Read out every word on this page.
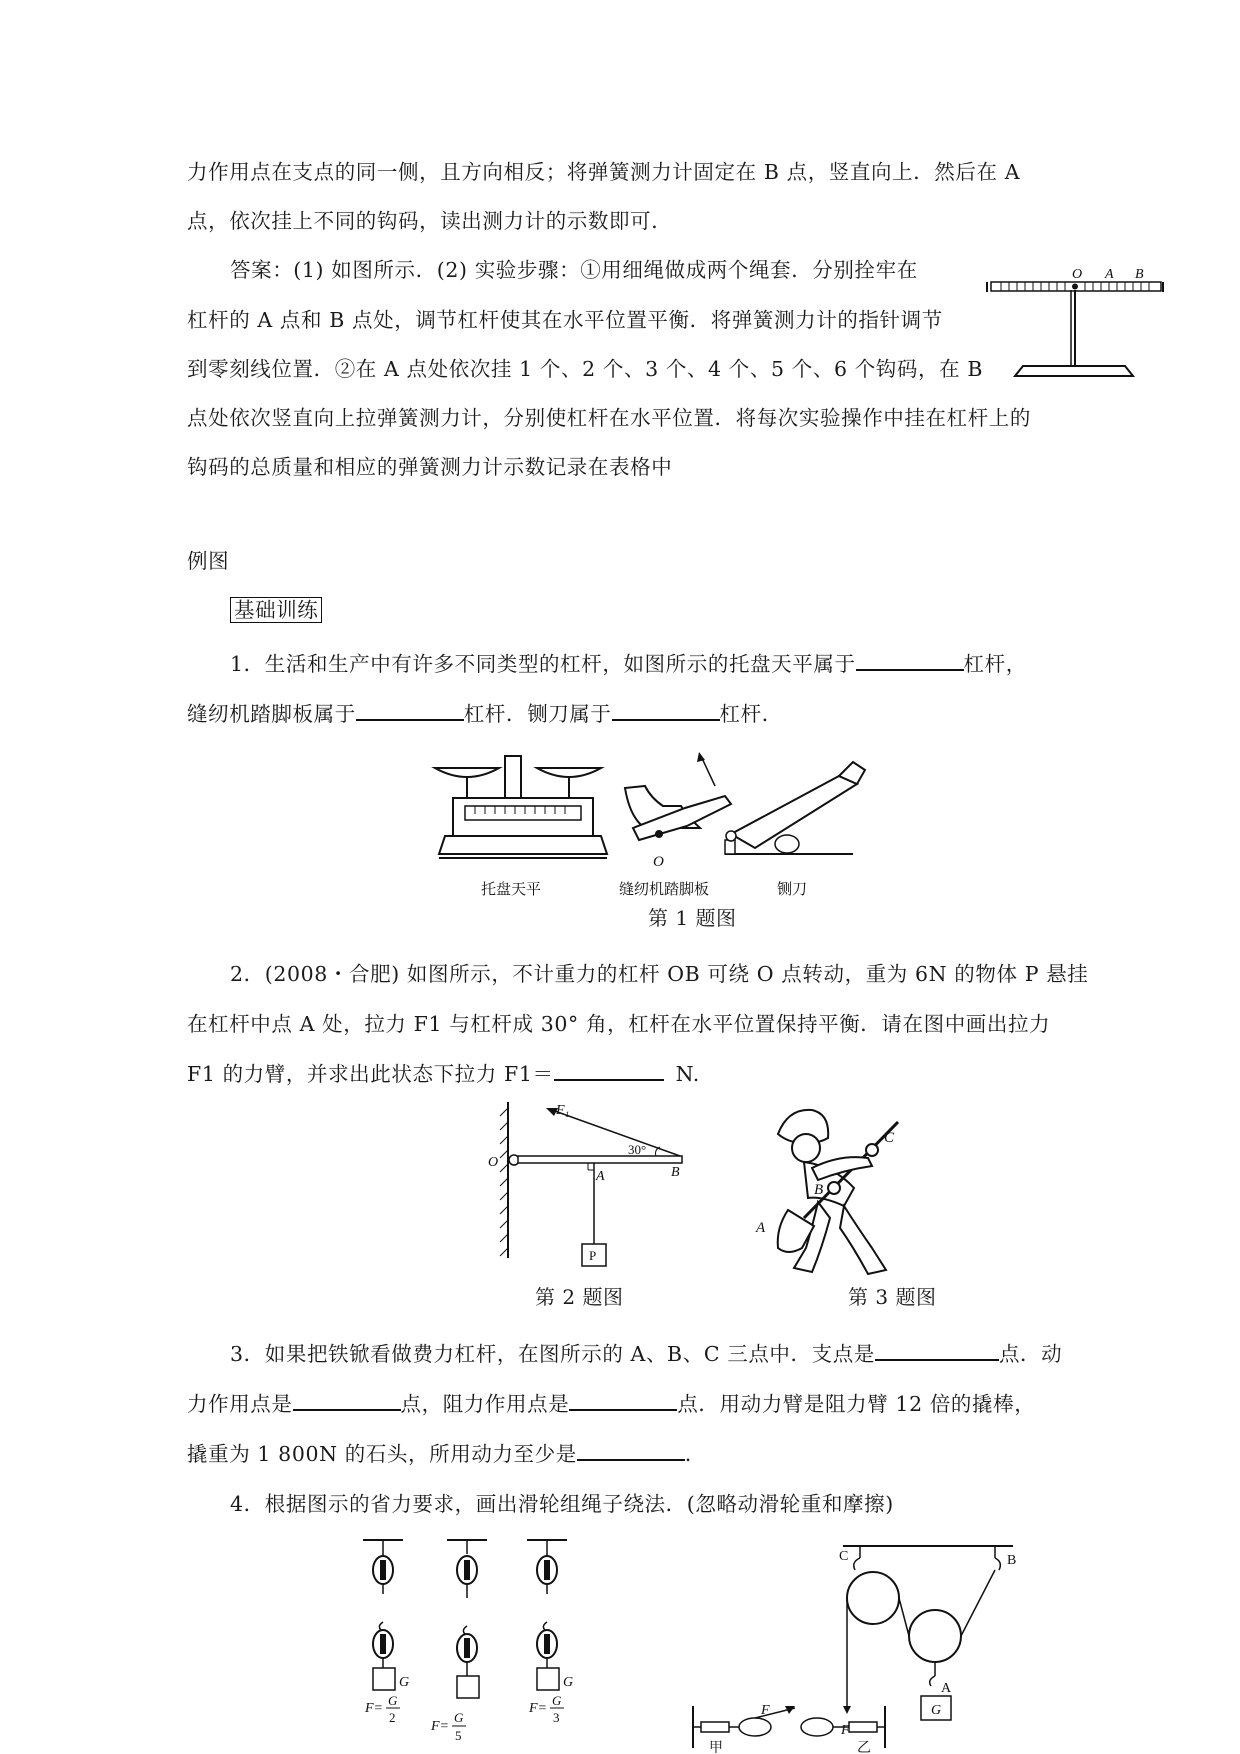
力作用点在支点的同一侧，且方向相反；将弹簧测力计固定在 B 点，竖直向上．然后在 A
点，依次挂上不同的钩码，读出测力计的示数即可．
答案：(1) 如图所示．(2) 实验步骤：①用细绳做成两个绳套．分别拴牢在
杠杆的 A 点和 B 点处，调节杠杆使其在水平位置平衡．将弹簧测力计的指针调节
到零刻线位置．②在 A 点处依次挂 1 个、2 个、3 个、4 个、5 个、6 个钩码，在 B
点处依次竖直向上拉弹簧测力计，分别使杠杆在水平位置．将每次实验操作中挂在杠杆上的
钩码的总质量和相应的弹簧测力计示数记录在表格中
O A B
例图
基础训练
1．生活和生产中有许多不同类型的杠杆，如图所示的托盘天平属于	杠杆，
缝纫机踏脚板属于	杠杆．铡刀属于	杠杆．
O
托盘天平	缝纫机踏脚板	铡刀
第 1 题图
2．(2008・合肥) 如图所示，不计重力的杠杆 OB 可绕 O 点转动，重为 6N 的物体 P 悬挂
在杠杆中点 A 处，拉力 F1 与杠杆成 30° 角，杠杆在水平位置保持平衡．请在图中画出拉力
F1 的力臂，并求出此状态下拉力 F1＝	N.
F₁
30°
O
A	B
P
C
B
A
第 2 题图	第 3 题图
3．如果把铁锨看做费力杠杆，在图所示的 A、B、C 三点中．支点是	点．动
力作用点是	点，阻力作用点是	点．用动力臂是阻力臂 12 倍的撬棒，
撬重为 1 800N 的石头，所用动力至少是	．
4．根据图示的省力要求，画出滑轮组绳子绕法．(忽略动滑轮重和摩擦)
G
F=
G
2
F=
G
5
G
F=
G
3	F
甲	乙
C	B
A
F
G
